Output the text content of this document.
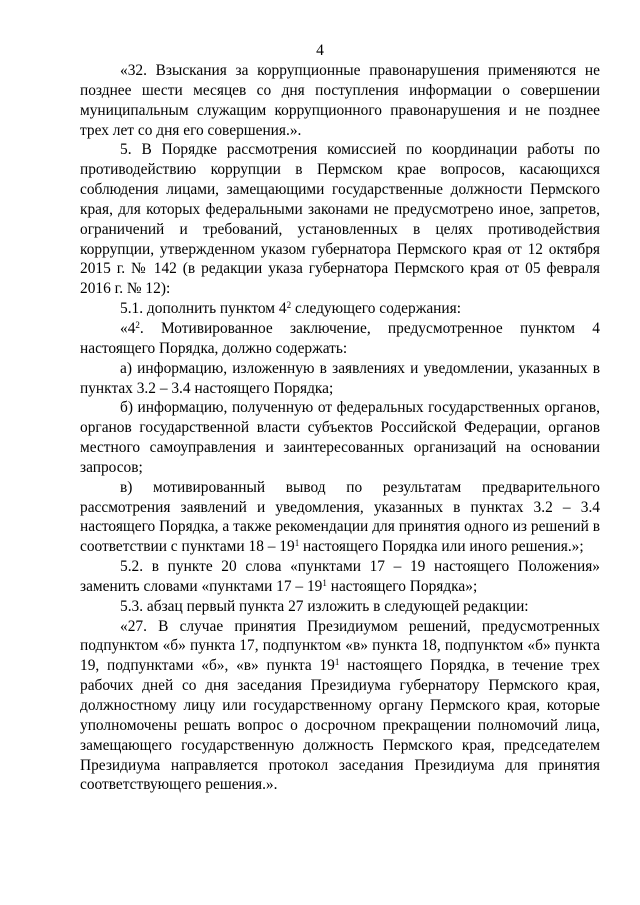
4

«32. Взыскания за коррупционные правонарушения применяются не позднее шести месяцев со дня поступления информации о совершении муниципальным служащим коррупционного правонарушения и не позднее трех лет со дня его совершения.».

5. В Порядке рассмотрения комиссией по координации работы по противодействию коррупции в Пермском крае вопросов, касающихся соблюдения лицами, замещающими государственные должности Пермского края, для которых федеральными законами не предусмотрено иное, запретов, ограничений и требований, установленных в целях противодействия коррупции, утвержденном указом губернатора Пермского края от 12 октября 2015 г. № 142 (в редакции указа губернатора Пермского края от 05 февраля 2016 г. № 12):

5.1. дополнить пунктом $4^2$ следующего содержания:

«$4^2$. Мотивированное заключение, предусмотренное пунктом 4 настоящего Порядка, должно содержать:

а) информацию, изложенную в заявлениях и уведомлении, указанных в пунктах 3.2 – 3.4 настоящего Порядка;

б) информацию, полученную от федеральных государственных органов, органов государственной власти субъектов Российской Федерации, органов местного самоуправления и заинтересованных организаций на основании запросов;

в) мотивированный вывод по результатам предварительного рассмотрения заявлений и уведомления, указанных в пунктах 3.2 – 3.4 настоящего Порядка, а также рекомендации для принятия одного из решений в соответствии с пунктами $18 - 19^1$ настоящего Порядка или иного решения.»;

5.2. в пункте 20 слова «пунктами 17 – 19 настоящего Положения» заменить словами «пунктами $17 - 19^1$ настоящего Порядка»;

5.3. абзац первый пункта 27 изложить в следующей редакции:

«27. В случае принятия Президиумом решений, предусмотренных подпунктом «б» пункта 17, подпунктом «в» пункта 18, подпунктом «б» пункта 19, подпунктами «б», «в» пункта $19^1$ настоящего Порядка, в течение трех рабочих дней со дня заседания Президиума губернатору Пермского края, должностному лицу или государственному органу Пермского края, которые уполномочены решать вопрос о досрочном прекращении полномочий лица, замещающего государственную должность Пермского края, председателем Президиума направляется протокол заседания Президиума для принятия соответствующего решения.».
